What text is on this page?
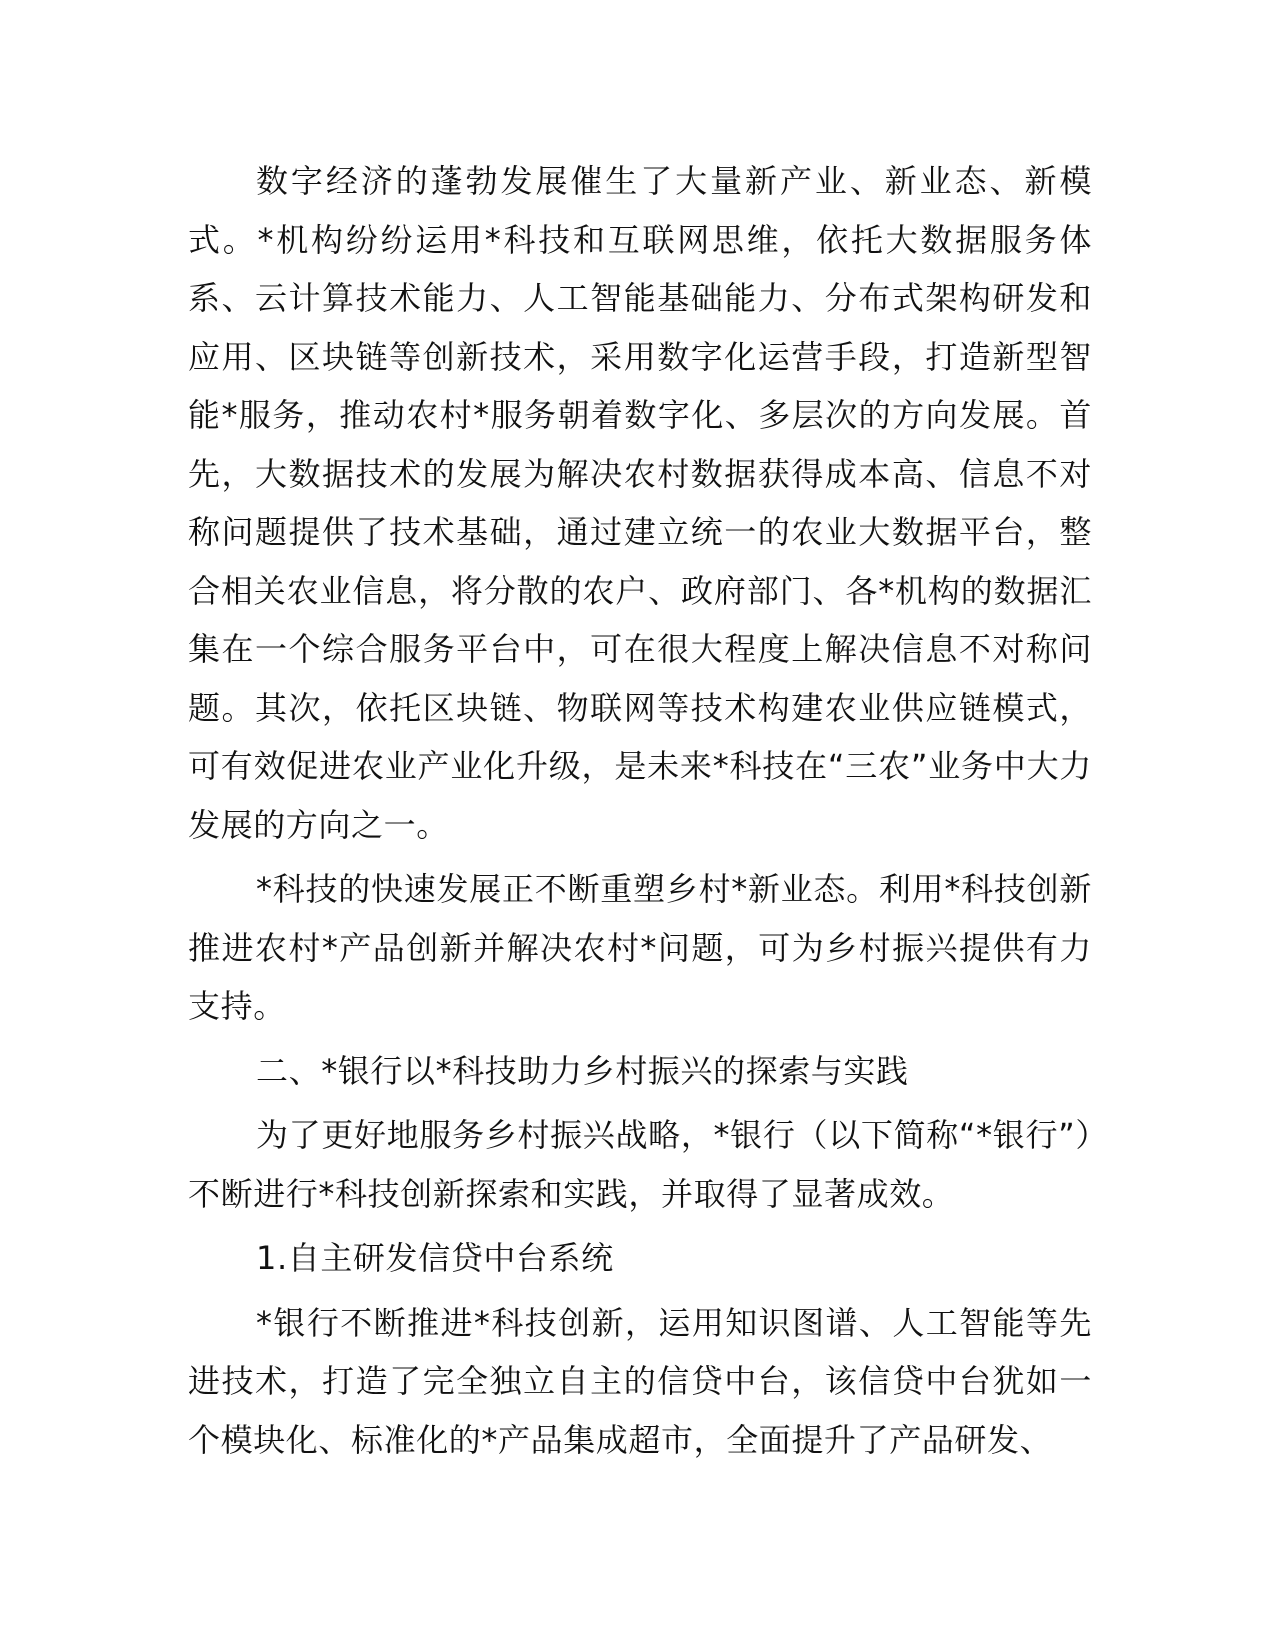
数字经济的蓬勃发展催生了大量新产业、新业态、新模式。*机构纷纷运用*科技和互联网思维，依托大数据服务体系、云计算技术能力、人工智能基础能力、分布式架构研发和应用、区块链等创新技术，采用数字化运营手段，打造新型智能*服务，推动农村*服务朝着数字化、多层次的方向发展。首先，大数据技术的发展为解决农村数据获得成本高、信息不对称问题提供了技术基础，通过建立统一的农业大数据平台，整合相关农业信息，将分散的农户、政府部门、各*机构的数据汇集在一个综合服务平台中，可在很大程度上解决信息不对称问题。其次，依托区块链、物联网等技术构建农业供应链模式，可有效促进农业产业化升级，是未来*科技在“三农”业务中大力发展的方向之一。

*科技的快速发展正不断重塑乡村*新业态。利用*科技创新推进农村*产品创新并解决农村*问题，可为乡村振兴提供有力支持。

二、*银行以*科技助力乡村振兴的探索与实践

为了更好地服务乡村振兴战略，*银行（以下简称“*银行”）不断进行*科技创新探索和实践，并取得了显著成效。

1.自主研发信贷中台系统

*银行不断推进*科技创新，运用知识图谱、人工智能等先进技术，打造了完全独立自主的信贷中台，该信贷中台犹如一个模块化、标准化的*产品集成超市，全面提升了产品研发、
